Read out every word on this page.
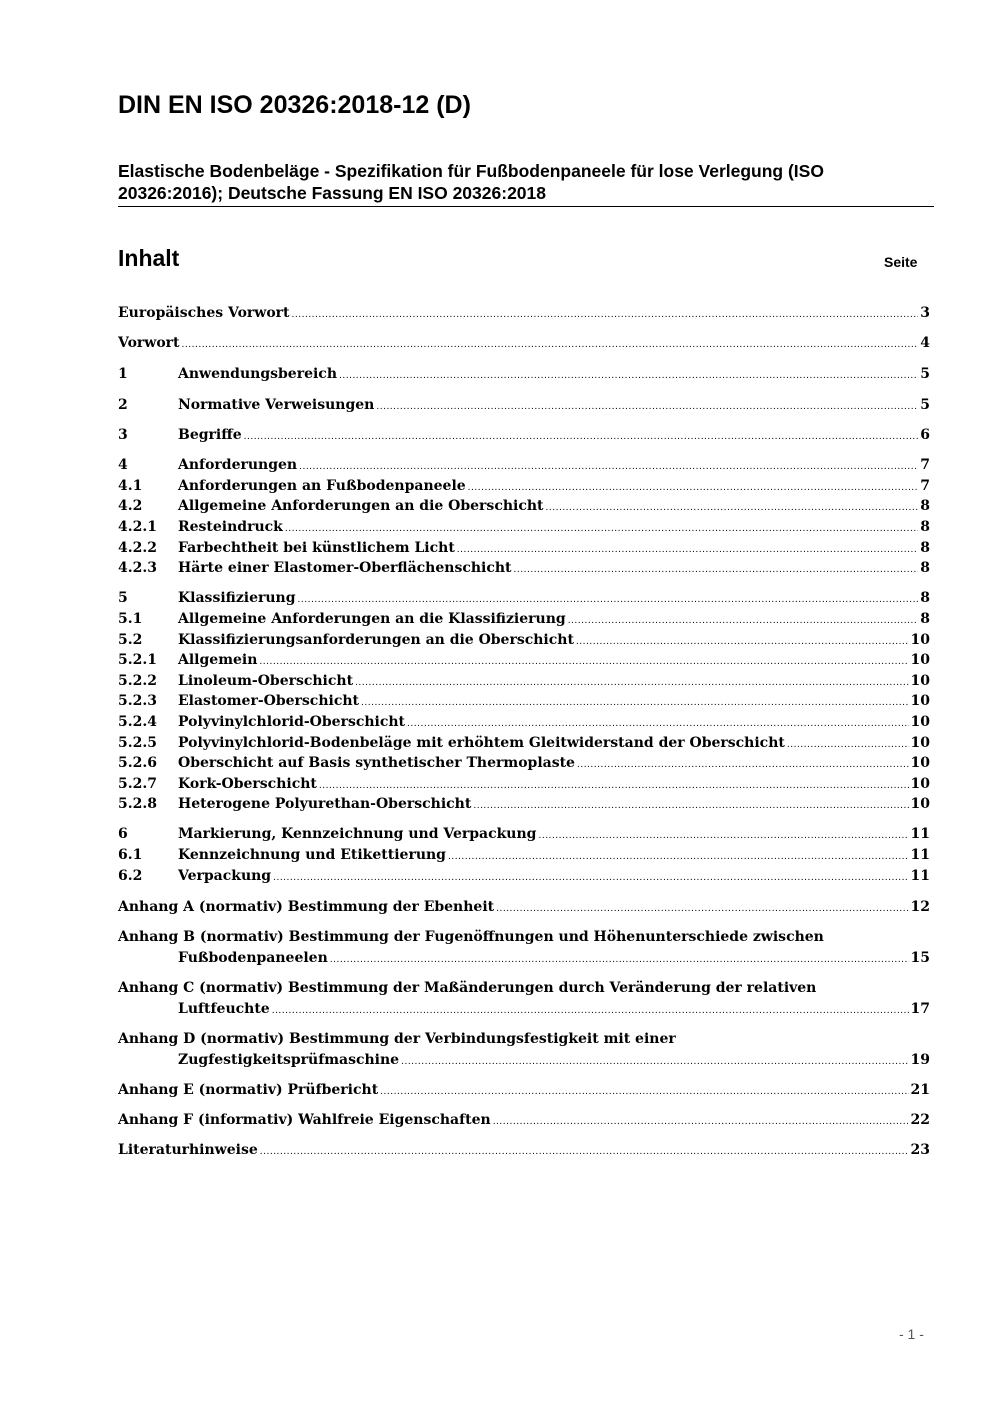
DIN EN ISO 20326:2018-12 (D)
Elastische Bodenbeläge - Spezifikation für Fußbodenpaneele für lose Verlegung (ISO
20326:2016); Deutsche Fassung EN ISO 20326:2018
Inhalt	Seite
Europäisches Vorwort .....	3
Vorwort .....	4
1	Anwendungsbereich .....	5
2	Normative Verweisungen .....	5
3	Begriffe .....	6
4	Anforderungen .....	7
4.1	Anforderungen an Fußbodenpaneele .....	7
4.2	Allgemeine Anforderungen an die Oberschicht .....	8
4.2.1	Resteindruck .....	8
4.2.2	Farbechtheit bei künstlichem Licht .....	8
4.2.3	Härte einer Elastomer-Oberflächenschicht .....	8
5	Klassifizierung .....	8
5.1	Allgemeine Anforderungen an die Klassifizierung .....	8
5.2	Klassifizierungsanforderungen an die Oberschicht .....	10
5.2.1	Allgemein .....	10
5.2.2	Linoleum-Oberschicht .....	10
5.2.3	Elastomer-Oberschicht .....	10
5.2.4	Polyvinylchlorid-Oberschicht .....	10
5.2.5	Polyvinylchlorid-Bodenbeläge mit erhöhtem Gleitwiderstand der Oberschicht .....	10
5.2.6	Oberschicht auf Basis synthetischer Thermoplaste .....	10
5.2.7	Kork-Oberschicht .....	10
5.2.8	Heterogene Polyurethan-Oberschicht .....	10
6	Markierung, Kennzeichnung und Verpackung .....	11
6.1	Kennzeichnung und Etikettierung .....	11
6.2	Verpackung .....	11
Anhang A (normativ) Bestimmung der Ebenheit .....	12
Anhang B (normativ) Bestimmung der Fugenöffnungen und Höhenunterschiede zwischen
Fußbodenpaneelen .....	15
Anhang C (normativ) Bestimmung der Maßänderungen durch Veränderung der relativen
Luftfeuchte .....	17
Anhang D (normativ) Bestimmung der Verbindungsfestigkeit mit einer
Zugfestigkeitsprüfmaschine .....	19
Anhang E (normativ) Prüfbericht .....	21
Anhang F (informativ) Wahlfreie Eigenschaften .....	22
Literaturhinweise .....	23
- 1 -
